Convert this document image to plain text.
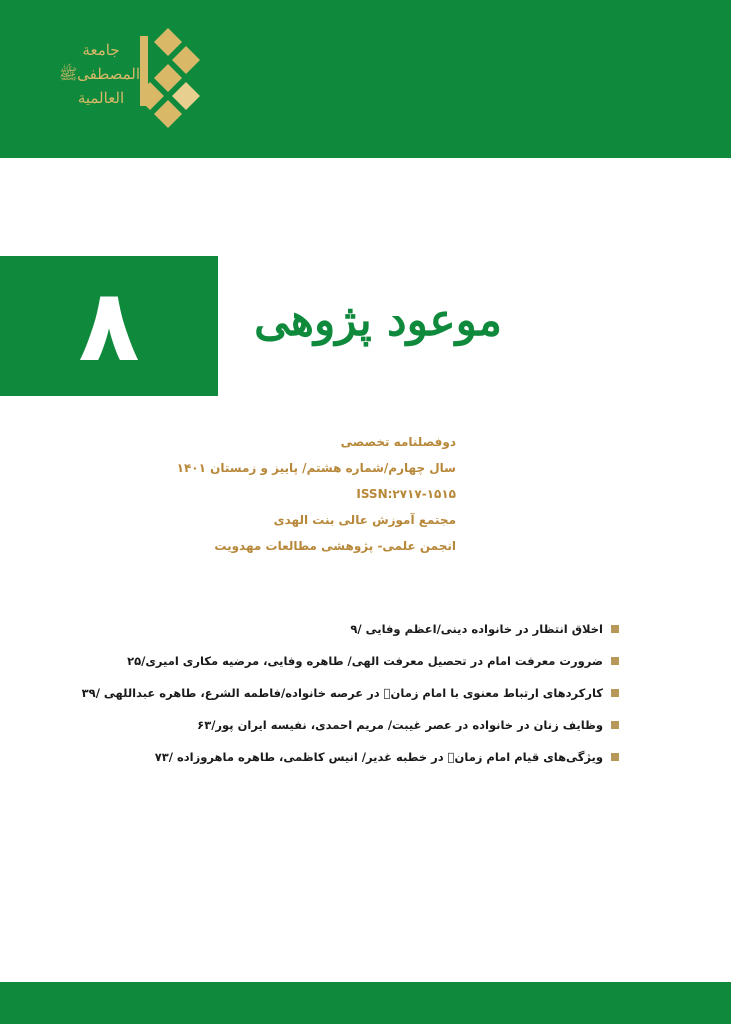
جامعة
المصطفیﷺ
العالمیة
۸	موعود پژوهی
دوفصلنامه تخصصی
سال چهارم/شماره هشتم/ پاییز و زمستان ۱۴۰۱
ISSN:۲۷۱۷-۱۵۱۵
مجتمع آموزش عالی بنت الهدی
انجمن علمی- پژوهشی مطالعات مهدویت
اخلاق انتظار در خانواده دینی/اعظم وفایی /۹
ضرورت معرفت امام در تحصیل معرفت الهی/ طاهره وفایی، مرضیه مکاری امیری/۲۵
کارکردهای ارتباط معنوی با امام زمانؑ در عرصه خانواده/فاطمه الشرع، طاهره عبداللهی /۳۹
وظایف زنان در خانواده در عصر غیبت/ مریم احمدی، نفیسه ایران پور/۶۳
ویژگی‌های قیام امام زمانؑ در خطبه غدیر/ انیس کاظمی، طاهره ماهروزاده /۷۳
